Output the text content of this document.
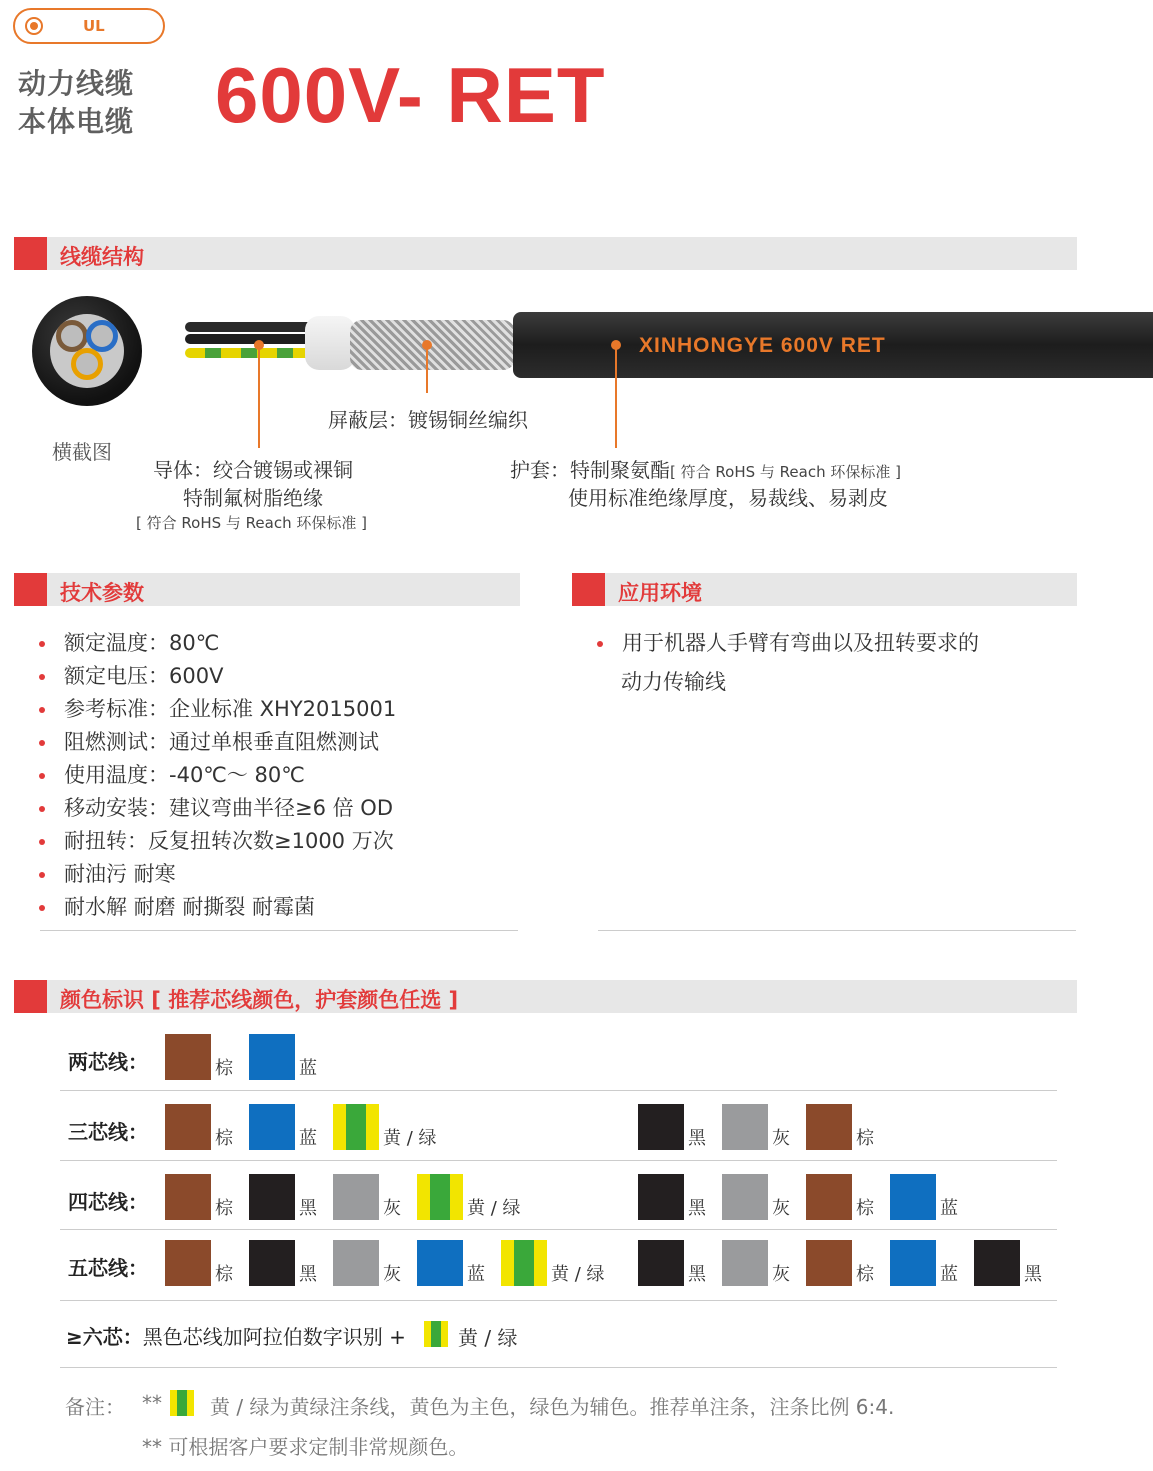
UL
动力线缆
本体电缆 600V- RET
线缆结构
横截图
XINHONGYE 600V RET
屏蔽层：镀锡铜丝编织
导体：绞合镀锡或裸铜
特制氟树脂绝缘
[ 符合 RoHS 与 Reach 环保标准 ]
护套：特制聚氨酯[ 符合 RoHS 与 Reach 环保标准 ]
使用标准绝缘厚度，易裁线、易剥皮
技术参数
额定温度：80℃
额定电压：600V
参考标准：企业标准 XHY2015001
阻燃测试：通过单根垂直阻燃测试
使用温度：-40℃～ 80℃
移动安装：建议弯曲半径≥6 倍 OD
耐扭转：反复扭转次数≥1000 万次
耐油污 耐寒
耐水解 耐磨 耐撕裂 耐霉菌
应用环境
用于机器人手臂有弯曲以及扭转要求的
动力传输线
颜色标识 [ 推荐芯线颜色，护套颜色任选 ]
两芯线：	棕	蓝
三芯线：	棕	蓝	黄 / 绿	黑	灰	棕
四芯线：	棕	黑	灰	黄 / 绿	黑	灰	棕	蓝
五芯线：	棕	黑	灰	蓝	黄 / 绿	黑	灰	棕	蓝	黑
≥六芯：黑色芯线加阿拉伯数字识别 +	黄 / 绿
备注： ** 黄 / 绿为黄绿注条线，黄色为主色，绿色为辅色。推荐单注条，注条比例 6:4.
** 可根据客户要求定制非常规颜色。
